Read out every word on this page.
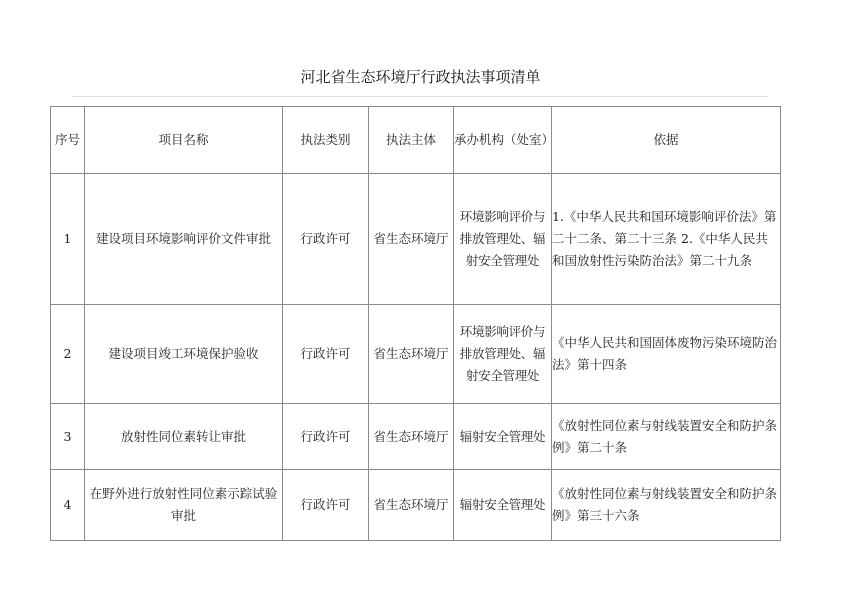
河北省生态环境厅行政执法事项清单
序号	项目名称	执法类别	执法主体	承办机构（处室）	依据
1	建设项目环境影响评价文件审批	行政许可	省生态环境厅	环境影响评价与排放管理处、辐射安全管理处	1.《中华人民共和国环境影响评价法》第二十二条、第二十三条 2.《中华人民共和国放射性污染防治法》第二十九条
2	建设项目竣工环境保护验收	行政许可	省生态环境厅	环境影响评价与排放管理处、辐射安全管理处	《中华人民共和国固体废物污染环境防治法》第十四条
3	放射性同位素转让审批	行政许可	省生态环境厅	辐射安全管理处	《放射性同位素与射线装置安全和防护条例》第二十条
4	在野外进行放射性同位素示踪试验审批	行政许可	省生态环境厅	辐射安全管理处	《放射性同位素与射线装置安全和防护条例》第三十六条
